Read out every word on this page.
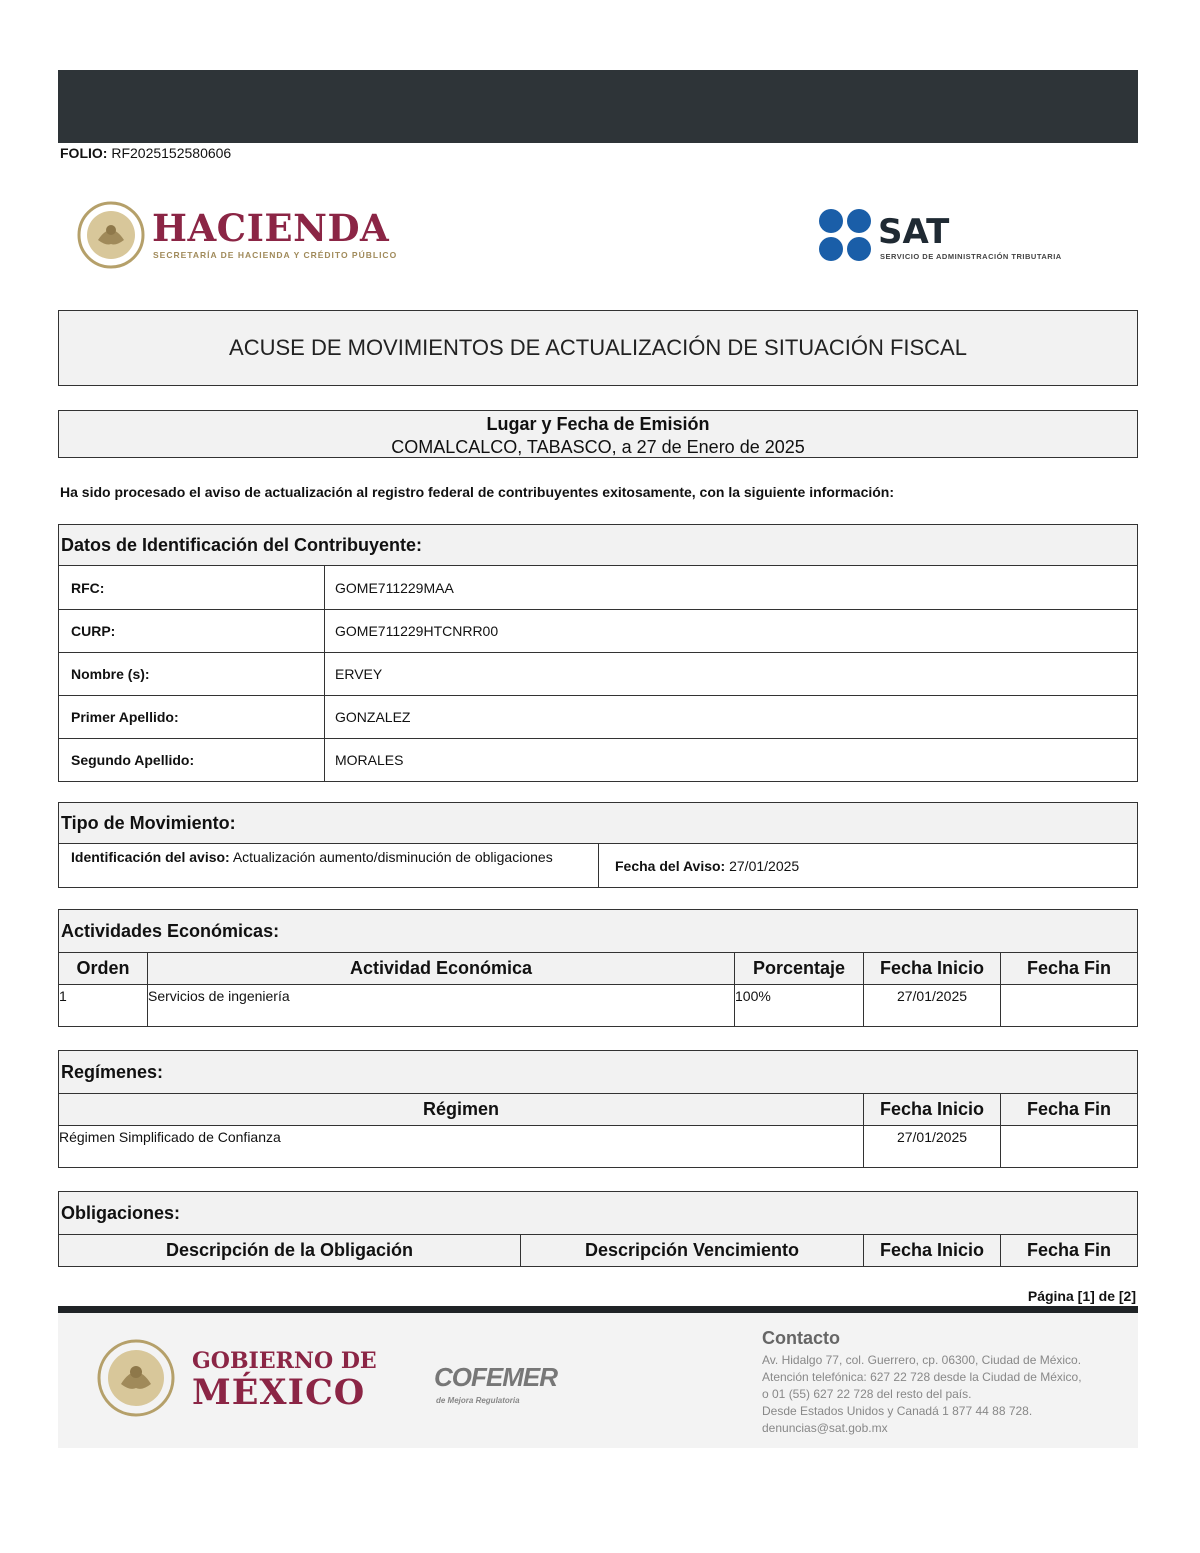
FOLIO: RF2025152580606
HACIENDA
SECRETARÍA DE HACIENDA Y CRÉDITO PÚBLICO
SAT
SERVICIO DE ADMINISTRACIÓN TRIBUTARIA
ACUSE DE MOVIMIENTOS DE ACTUALIZACIÓN DE SITUACIÓN FISCAL
Lugar y Fecha de Emisión
COMALCALCO, TABASCO, a 27 de Enero de 2025
Ha sido procesado el aviso de actualización al registro federal de contribuyentes exitosamente, con la siguiente información:
Datos de Identificación del Contribuyente:
RFC:	GOME711229MAA
CURP:	GOME711229HTCNRR00
Nombre (s):	ERVEY
Primer Apellido:	GONZALEZ
Segundo Apellido:	MORALES
Tipo de Movimiento:
Identificación del aviso: Actualización aumento/disminución de obligaciones
Fecha del Aviso:
27/01/2025
Actividades Económicas:
Orden	Actividad Económica	Porcentaje	Fecha Inicio	Fecha Fin
1	Servicios de ingeniería	100%	27/01/2025
Regímenes:
Régimen	Fecha Inicio	Fecha Fin
Régimen Simplificado de Confianza	27/01/2025
Obligaciones:
Descripción de la Obligación	Descripción Vencimiento	Fecha Inicio	Fecha Fin
Página [1] de [2]
GOBIERNO DE
MÉXICO	COFEMER
de Mejora Regulatoria
Contacto
Av. Hidalgo 77, col. Guerrero, cp. 06300, Ciudad de México.
Atención telefónica: 627 22 728 desde la Ciudad de México,
o 01 (55) 627 22 728 del resto del país.
Desde Estados Unidos y Canadá 1 877 44 88 728.
denuncias@sat.gob.mx
